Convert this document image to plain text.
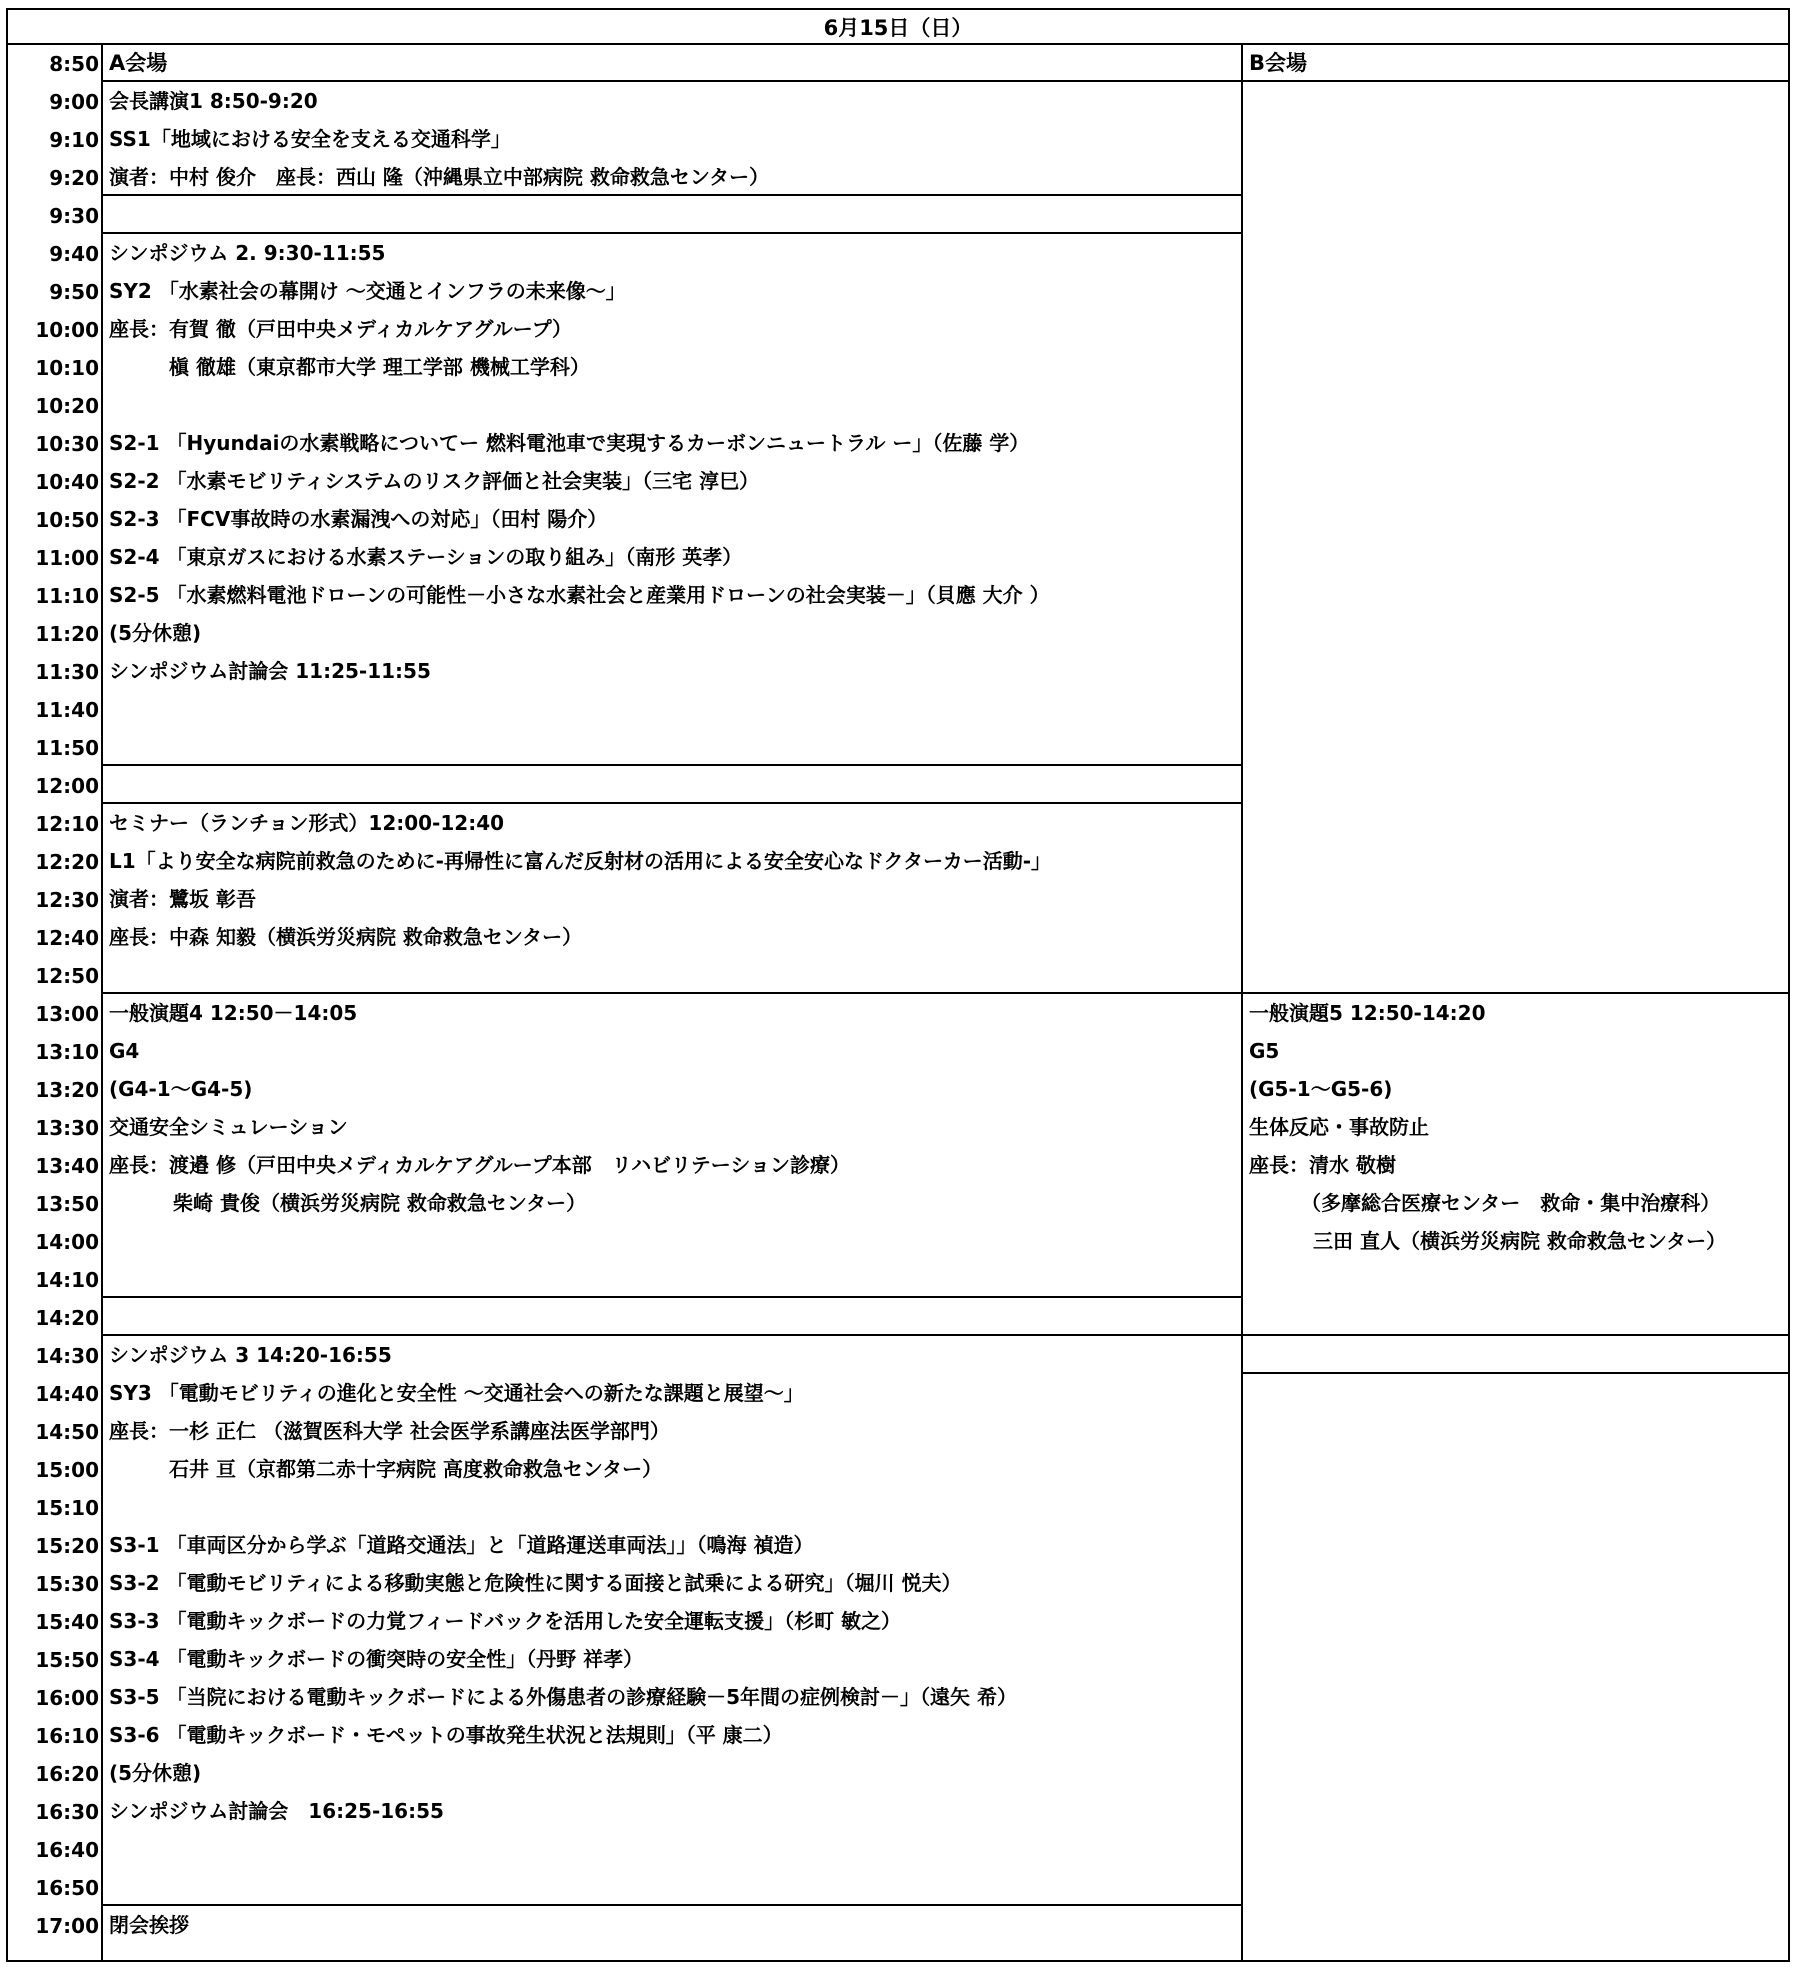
6月15日（日）
A会場	B会場
8:50
9:00
9:10
9:20
9:30
9:40
9:50
10:00
10:10
10:20
10:30
10:40
10:50
11:00
11:10
11:20
11:30
11:40
11:50
12:00
12:10
12:20
12:30
12:40
12:50
13:00
13:10
13:20
13:30
13:40
13:50
14:00
14:10
14:20
14:30
14:40
14:50
15:00
15:10
15:20
15:30
15:40
15:50
16:00
16:10
16:20
16:30
16:40
16:50
17:00
会長講演1 8:50-9:20
SS1「地域における安全を支える交通科学」
演者：中村 俊介　座長：西山 隆（沖縄県立中部病院 救命救急センター）
シンポジウム 2. 9:30-11:55
SY2 「水素社会の幕開け ～交通とインフラの未来像～」
座長：有賀 徹（戸田中央メディカルケアグループ）
槇 徹雄（東京都市大学 理工学部 機械工学科）
S2-1 「Hyundaiの水素戦略についてー 燃料電池車で実現するカーボンニュートラル ー」（佐藤 学）
S2-2 「水素モビリティシステムのリスク評価と社会実装」（三宅 淳巳）
S2-3 「FCV事故時の水素漏洩への対応」（田村 陽介）
S2-4 「東京ガスにおける水素ステーションの取り組み」（南形 英孝）
S2-5 「水素燃料電池ドローンの可能性－小さな水素社会と産業用ドローンの社会実装－」（貝應 大介 ）
(5分休憩)
シンポジウム討論会 11:25-11:55
セミナー（ランチョン形式）12:00-12:40
L1「より安全な病院前救急のために-再帰性に富んだ反射材の活用による安全安心なドクターカー活動-」
演者：鷺坂 彰吾
座長：中森 知毅（横浜労災病院 救命救急センター）
一般演題4 12:50－14:05
G4
(G4-1～G4-5)
交通安全シミュレーション
座長：渡邉 修（戸田中央メディカルケアグループ本部　リハビリテーション診療）
柴崎 貴俊（横浜労災病院 救命救急センター）
シンポジウム 3 14:20-16:55
SY3 「電動モビリティの進化と安全性 ～交通社会への新たな課題と展望～」
座長：一杉 正仁 （滋賀医科大学 社会医学系講座法医学部門）
石井 亘（京都第二赤十字病院 高度救命救急センター）
S3-1 「車両区分から学ぶ「道路交通法」と「道路運送車両法」」（鳴海 禎造）
S3-2 「電動モビリティによる移動実態と危険性に関する面接と試乗による研究」（堀川 悦夫）
S3-3 「電動キックボードの力覚フィードバックを活用した安全運転支援」（杉町 敏之）
S3-4 「電動キックボードの衝突時の安全性」（丹野 祥孝）
S3-5 「当院における電動キックボードによる外傷患者の診療経験－5年間の症例検討－」（遠矢 希）
S3-6 「電動キックボード・モペットの事故発生状況と法規則」（平 康二）
(5分休憩)
シンポジウム討論会　16:25-16:55
閉会挨拶
一般演題5 12:50-14:20
G5
(G5-1～G5-6)
生体反応・事故防止
座長：清水 敬樹
（多摩総合医療センター　救命・集中治療科）
三田 直人（横浜労災病院 救命救急センター）
